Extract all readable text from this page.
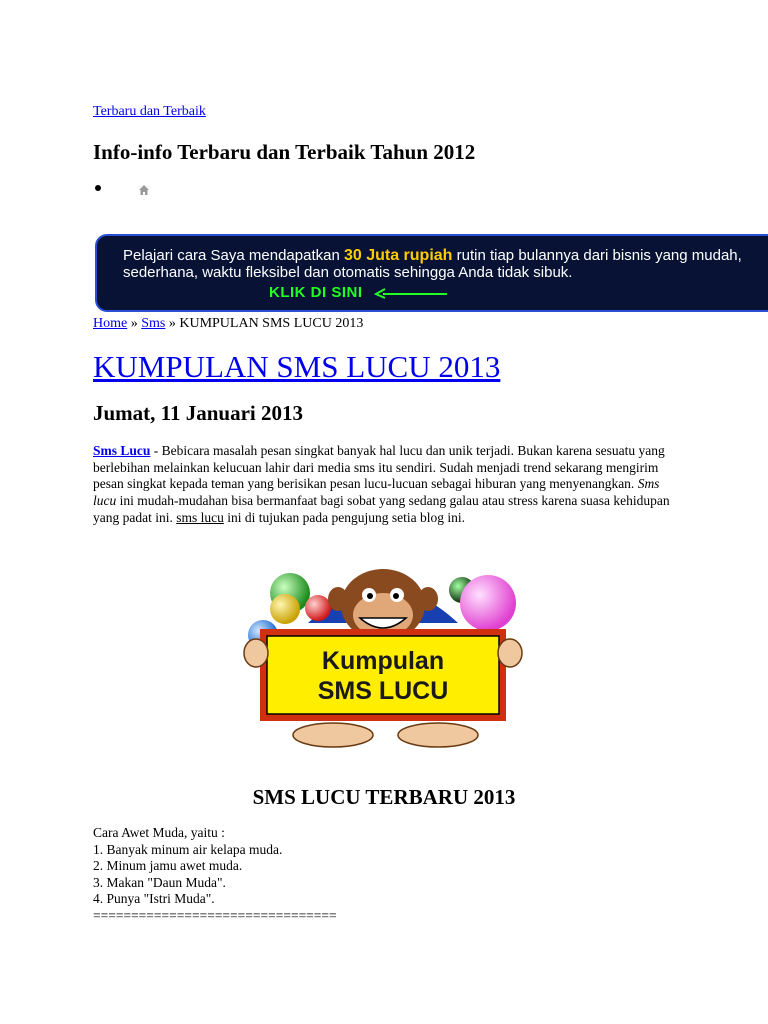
Terbaru dan Terbaik
Info-info Terbaru dan Terbaik Tahun 2012
Pelajari cara Saya mendapatkan 30 Juta rupiah rutin tiap bulannya dari bisnis yang mudah,
sederhana, waktu fleksibel dan otomatis sehingga Anda tidak sibuk.
KLIK DI SINI
Home » Sms » KUMPULAN SMS LUCU 2013
KUMPULAN SMS LUCU 2013
Jumat, 11 Januari 2013
Sms Lucu - Bebicara masalah pesan singkat banyak hal lucu dan unik terjadi. Bukan karena sesuatu yang berlebihan melainkan kelucuan lahir dari media sms itu sendiri. Sudah menjadi trend sekarang mengirim pesan singkat kepada teman yang berisikan pesan lucu-lucuan sebagai hiburan yang menyenangkan. Sms lucu ini mudah-mudahan bisa bermanfaat bagi sobat yang sedang galau atau stress karena suasa kehidupan yang padat ini. sms lucu ini di tujukan pada pengujung setia blog ini.
Kumpulan
SMS LUCU
SMS LUCU TERBARU 2013
Cara Awet Muda, yaitu :
1. Banyak minum air kelapa muda.
2. Minum jamu awet muda.
3. Makan "Daun Muda".
4. Punya "Istri Muda".
================================
